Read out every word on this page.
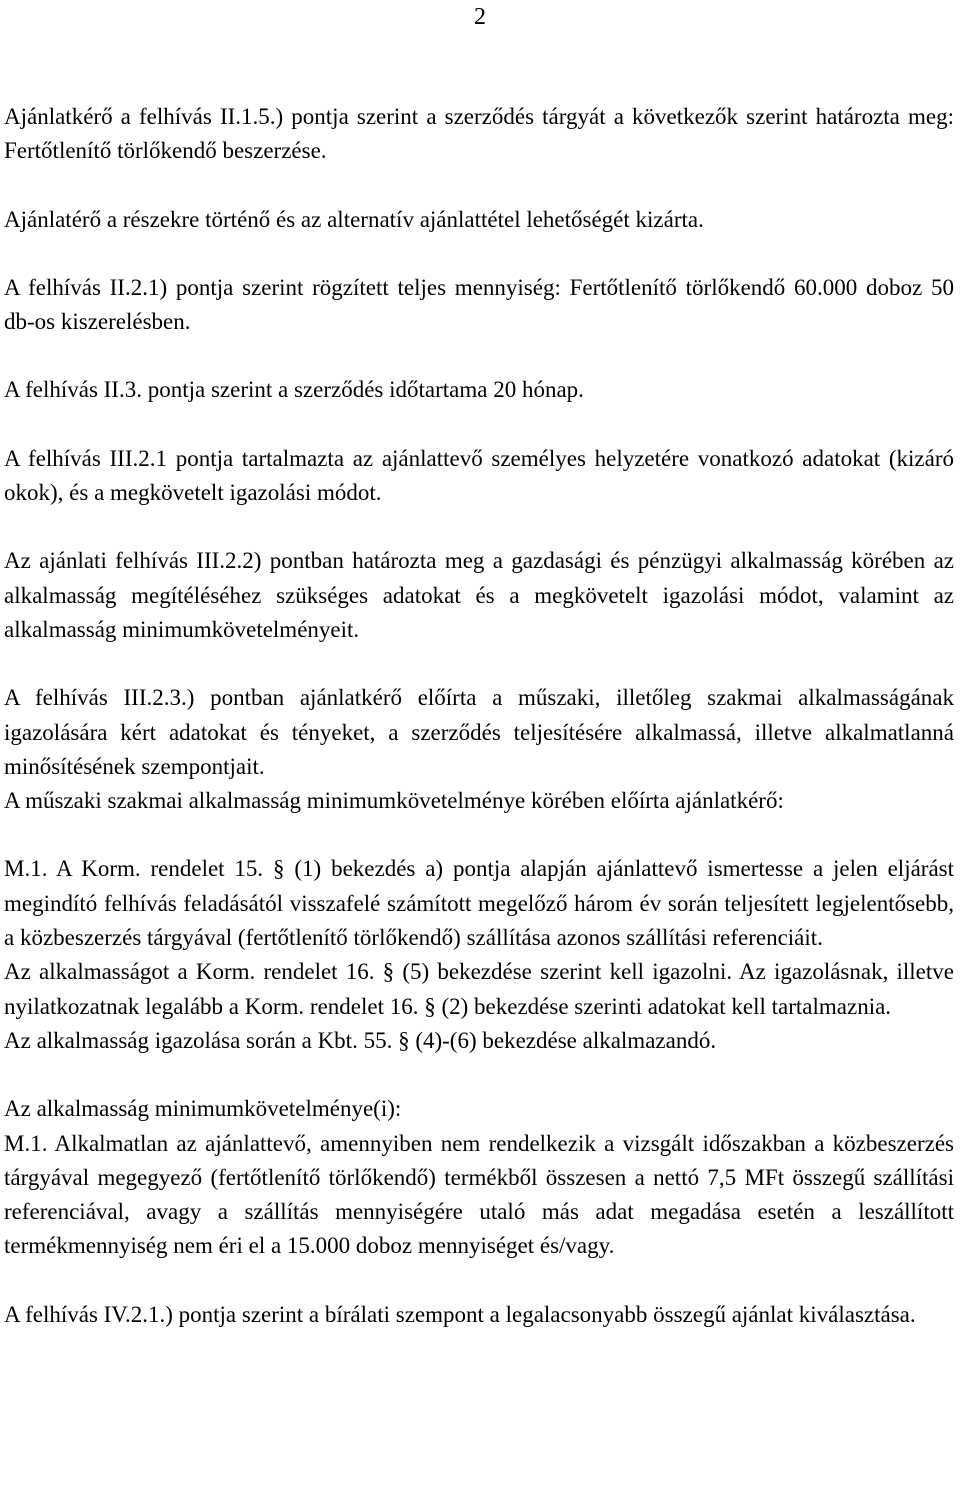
2

Ajánlatkérő a felhívás II.1.5.) pontja szerint a szerződés tárgyát a következők szerint határozta meg: Fertőtlenítő törlőkendő beszerzése.

Ajánlatérő a részekre történő és az alternatív ajánlattétel lehetőségét kizárta.

A felhívás II.2.1) pontja szerint rögzített teljes mennyiség: Fertőtlenítő törlőkendő 60.000 doboz 50 db-os kiszerelésben.

A felhívás II.3. pontja szerint a szerződés időtartama 20 hónap.

A felhívás III.2.1 pontja tartalmazta az ajánlattevő személyes helyzetére vonatkozó adatokat (kizáró okok), és a megkövetelt igazolási módot.

Az ajánlati felhívás III.2.2) pontban határozta meg a gazdasági és pénzügyi alkalmasság körében az alkalmasság megítéléséhez szükséges adatokat és a megkövetelt igazolási módot, valamint az alkalmasság minimumkövetelményeit.

A felhívás III.2.3.) pontban ajánlatkérő előírta a műszaki, illetőleg szakmai alkalmasságának igazolására kért adatokat és tényeket, a szerződés teljesítésére alkalmassá, illetve alkalmatlanná minősítésének szempontjait.

A műszaki szakmai alkalmasság minimumkövetelménye körében előírta ajánlatkérő:

M.1. A Korm. rendelet 15. § (1) bekezdés a) pontja alapján ajánlattevő ismertesse a jelen eljárást megindító felhívás feladásától visszafelé számított megelőző három év során teljesített legjelentősebb, a közbeszerzés tárgyával (fertőtlenítő törlőkendő) szállítása azonos szállítási referenciáit.

Az alkalmasságot a Korm. rendelet 16. § (5) bekezdése szerint kell igazolni. Az igazolásnak, illetve nyilatkozatnak legalább a Korm. rendelet 16. § (2) bekezdése szerinti adatokat kell tartalmaznia.

Az alkalmasság igazolása során a Kbt. 55. § (4)-(6) bekezdése alkalmazandó.

Az alkalmasság minimumkövetelménye(i):

M.1. Alkalmatlan az ajánlattevő, amennyiben nem rendelkezik a vizsgált időszakban a közbeszerzés tárgyával megegyező (fertőtlenítő törlőkendő) termékből összesen a nettó 7,5 MFt összegű szállítási referenciával, avagy a szállítás mennyiségére utaló más adat megadása esetén a leszállított termékmennyiség nem éri el a 15.000 doboz mennyiséget és/vagy.

A felhívás IV.2.1.) pontja szerint a bírálati szempont a legalacsonyabb összegű ajánlat kiválasztása.
